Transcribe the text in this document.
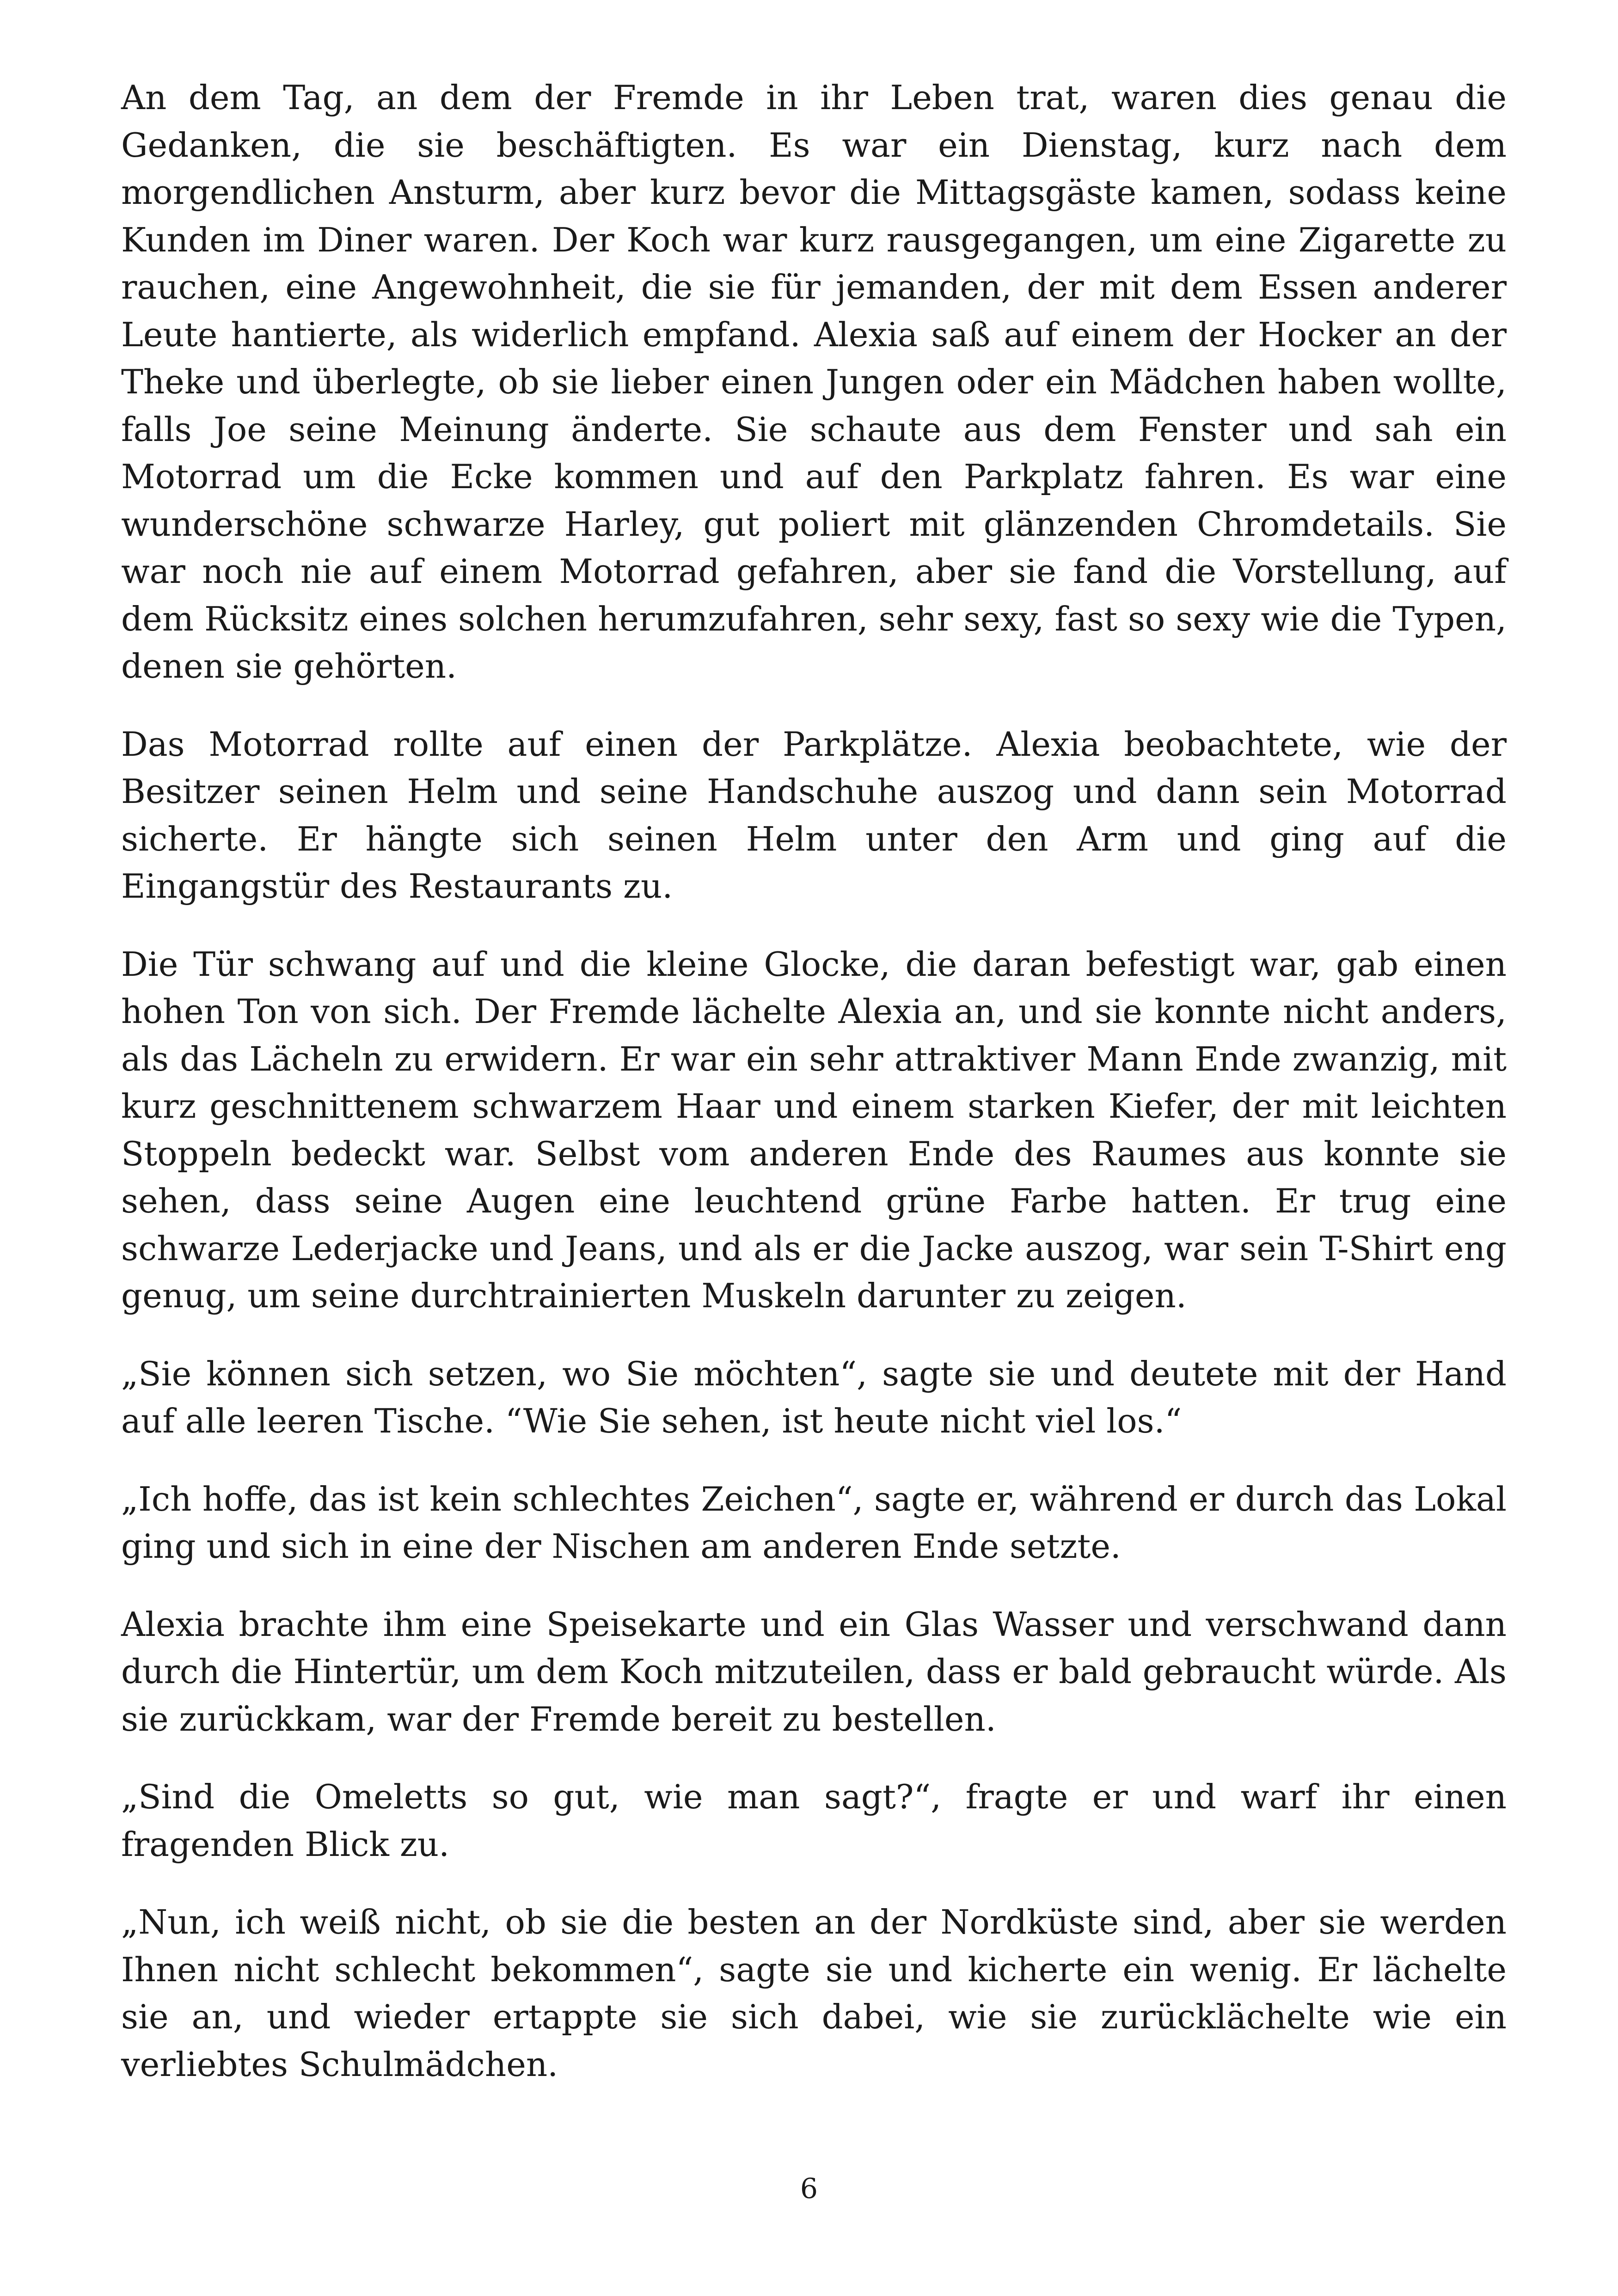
An dem Tag, an dem der Fremde in ihr Leben trat, waren dies genau die Gedanken, die sie beschäftigten. Es war ein Dienstag, kurz nach dem morgendlichen Ansturm, aber kurz bevor die Mittagsgäste kamen, sodass keine Kunden im Diner waren. Der Koch war kurz rausgegangen, um eine Zigarette zu rauchen, eine Angewohnheit, die sie für jemanden, der mit dem Essen anderer Leute hantierte, als widerlich empfand. Alexia saß auf einem der Hocker an der Theke und überlegte, ob sie lieber einen Jungen oder ein Mädchen haben wollte, falls Joe seine Meinung änderte. Sie schaute aus dem Fenster und sah ein Motorrad um die Ecke kommen und auf den Parkplatz fahren. Es war eine wunderschöne schwarze Harley, gut poliert mit glänzenden Chromdetails. Sie war noch nie auf einem Motorrad gefahren, aber sie fand die Vorstellung, auf dem Rücksitz eines solchen herumzufahren, sehr sexy, fast so sexy wie die Typen, denen sie gehörten.

Das Motorrad rollte auf einen der Parkplätze. Alexia beobachtete, wie der Besitzer seinen Helm und seine Handschuhe auszog und dann sein Motorrad sicherte. Er hängte sich seinen Helm unter den Arm und ging auf die Eingangstür des Restaurants zu.

Die Tür schwang auf und die kleine Glocke, die daran befestigt war, gab einen hohen Ton von sich. Der Fremde lächelte Alexia an, und sie konnte nicht anders, als das Lächeln zu erwidern. Er war ein sehr attraktiver Mann Ende zwanzig, mit kurz geschnittenem schwarzem Haar und einem starken Kiefer, der mit leichten Stoppeln bedeckt war. Selbst vom anderen Ende des Raumes aus konnte sie sehen, dass seine Augen eine leuchtend grüne Farbe hatten. Er trug eine schwarze Lederjacke und Jeans, und als er die Jacke auszog, war sein T-Shirt eng genug, um seine durchtrainierten Muskeln darunter zu zeigen.

„Sie können sich setzen, wo Sie möchten“, sagte sie und deutete mit der Hand auf alle leeren Tische. “Wie Sie sehen, ist heute nicht viel los.“

„Ich hoffe, das ist kein schlechtes Zeichen“, sagte er, während er durch das Lokal ging und sich in eine der Nischen am anderen Ende setzte.

Alexia brachte ihm eine Speisekarte und ein Glas Wasser und verschwand dann durch die Hintertür, um dem Koch mitzuteilen, dass er bald gebraucht würde. Als sie zurückkam, war der Fremde bereit zu bestellen.

„Sind die Omeletts so gut, wie man sagt?“, fragte er und warf ihr einen fragenden Blick zu.

„Nun, ich weiß nicht, ob sie die besten an der Nordküste sind, aber sie werden Ihnen nicht schlecht bekommen“, sagte sie und kicherte ein wenig. Er lächelte sie an, und wieder ertappte sie sich dabei, wie sie zurücklächelte wie ein verliebtes Schulmädchen.

6
